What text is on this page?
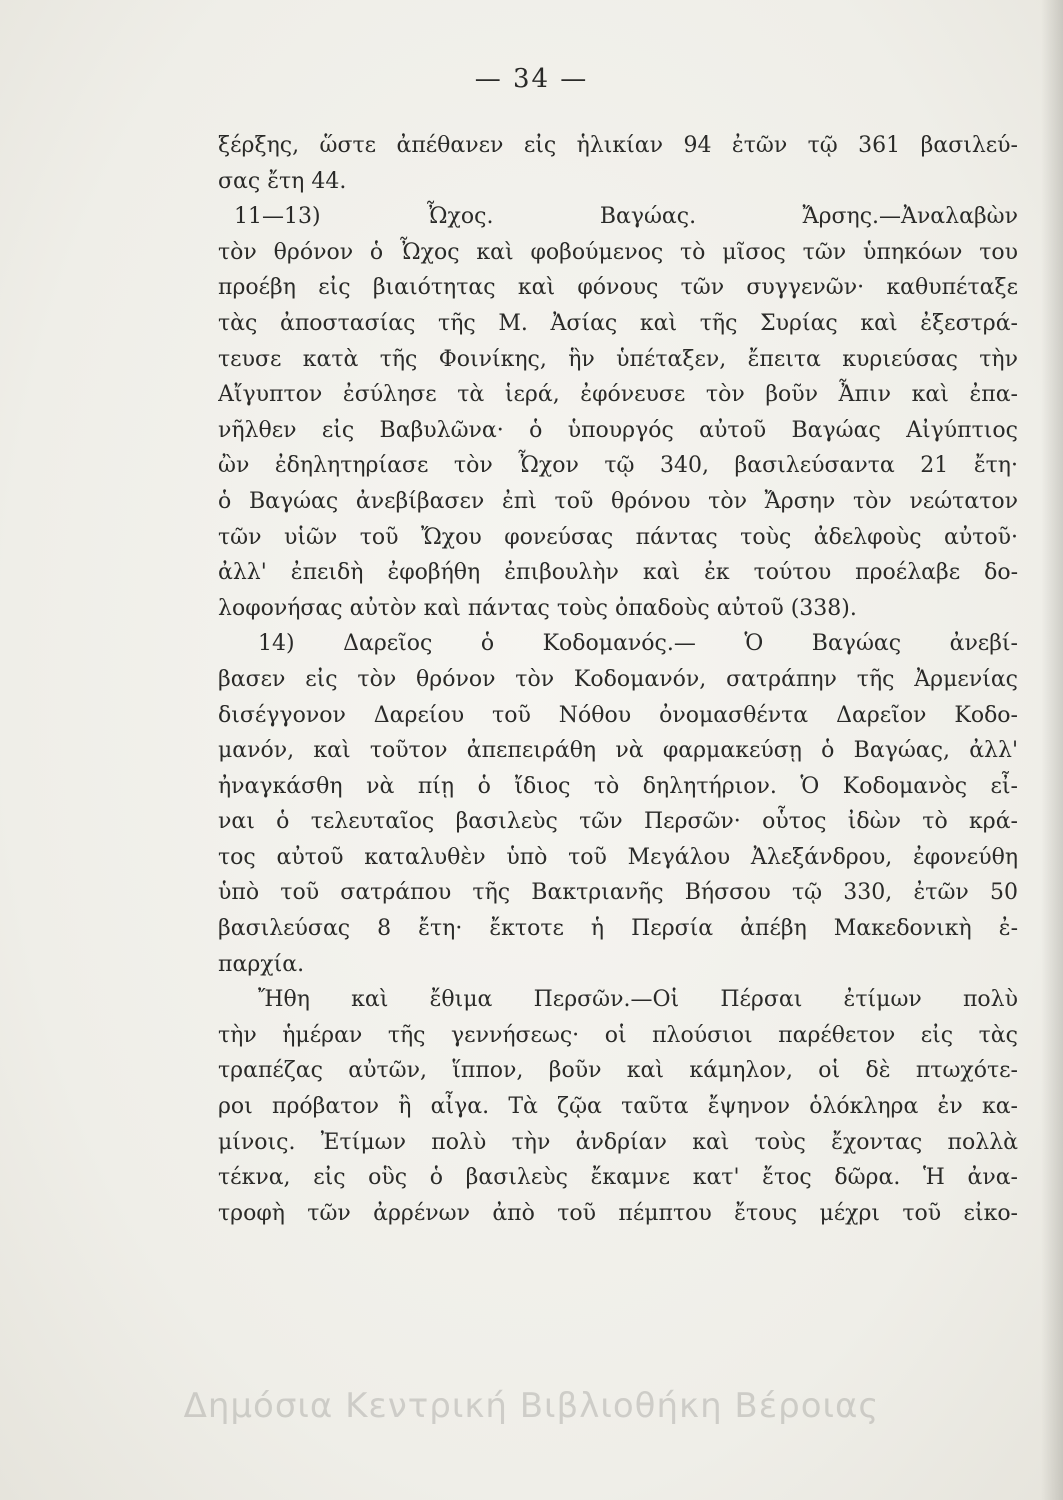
— 34 —
ξέρξης, ὥστε ἀπέθανεν εἰς ἡλικίαν 94 ἐτῶν τῷ 361 βασιλεύ-
σας ἔτη 44.
11—13) Ὦχος. Βαγώας. Ἄρσης.—Ἀναλαβὼν
τὸν θρόνον ὁ Ὦχος καὶ φοβούμενος τὸ μῖσος τῶν ὑπηκόων του
προέβη εἰς βιαιότητας καὶ φόνους τῶν συγγενῶν· καθυπέταξε
τὰς ἀποστασίας τῆς Μ. Ἀσίας καὶ τῆς Συρίας καὶ ἐξεστρά-
τευσε κατὰ τῆς Φοινίκης, ἣν ὑπέταξεν, ἔπειτα κυριεύσας τὴν
Αἴγυπτον ἐσύλησε τὰ ἱερά, ἐφόνευσε τὸν βοῦν Ἆπιν καὶ ἐπα-
νῆλθεν εἰς Βαβυλῶνα· ὁ ὑπουργός αὐτοῦ Βαγώας Αἰγύπτιος
ὢν ἐδηλητηρίασε τὸν Ὦχον τῷ 340, βασιλεύσαντα 21 ἔτη·
ὁ Βαγώας ἀνεβίβασεν ἐπὶ τοῦ θρόνου τὸν Ἄρσην τὸν νεώτατον
τῶν υἱῶν τοῦ Ὤχου φονεύσας πάντας τοὺς ἀδελφοὺς αὐτοῦ·
ἀλλ' ἐπειδὴ ἐφοβήθη ἐπιβουλὴν καὶ ἐκ τούτου προέλαβε δο-
λοφονήσας αὐτὸν καὶ πάντας τοὺς ὀπαδοὺς αὐτοῦ (338).
14) Δαρεῖος ὁ Κοδομανός.— Ὁ Βαγώας ἀνεβί-
βασεν εἰς τὸν θρόνον τὸν Κοδομανόν, σατράπην τῆς Ἀρμενίας
δισέγγονον Δαρείου τοῦ Νόθου ὀνομασθέντα Δαρεῖον Κοδο-
μανόν, καὶ τοῦτον ἀπεπειράθη νὰ φαρμακεύσῃ ὁ Βαγώας, ἀλλ'
ἠναγκάσθη νὰ πίῃ ὁ ἴδιος τὸ δηλητήριον. Ὁ Κοδομανὸς εἶ-
ναι ὁ τελευταῖος βασιλεὺς τῶν Περσῶν· οὗτος ἰδὼν τὸ κρά-
τος αὐτοῦ καταλυθὲν ὑπὸ τοῦ Μεγάλου Ἀλεξάνδρου, ἐφονεύθη
ὑπὸ τοῦ σατράπου τῆς Βακτριανῆς Βήσσου τῷ 330, ἐτῶν 50
βασιλεύσας 8 ἔτη· ἔκτοτε ἡ Περσία ἀπέβη Μακεδονικὴ ἐ-
παρχία.
Ἤθη καὶ ἔθιμα Περσῶν.—Οἱ Πέρσαι ἐτίμων πολὺ
τὴν ἡμέραν τῆς γεννήσεως· οἱ πλούσιοι παρέθετον εἰς τὰς
τραπέζας αὐτῶν, ἵππον, βοῦν καὶ κάμηλον, οἱ δὲ πτωχότε-
ροι πρόβατον ἢ αἶγα. Τὰ ζῷα ταῦτα ἔψηνον ὁλόκληρα ἐν κα-
μίνοις. Ἐτίμων πολὺ τὴν ἀνδρίαν καὶ τοὺς ἔχοντας πολλὰ
τέκνα, εἰς οὓς ὁ βασιλεὺς ἔκαμνε κατ' ἔτος δῶρα. Ἡ ἀνα-
τροφὴ τῶν ἀρρένων ἀπὸ τοῦ πέμπτου ἔτους μέχρι τοῦ εἰκο-
Δημόσια Κεντρική Βιβλιοθήκη Βέροιας
